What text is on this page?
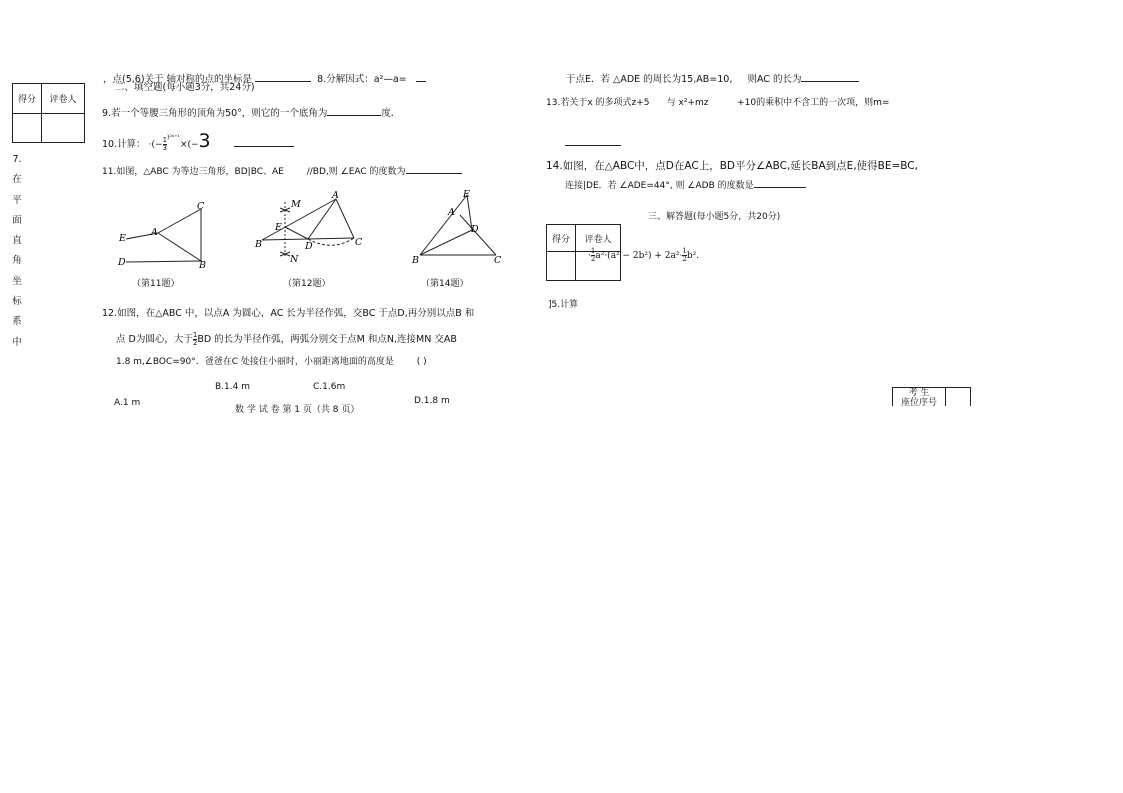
得分	评卷人

7.
在
平
面
直
角
坐
标
系
中
，点(5,6)关于 轴对称的点的坐标是	8.分解因式：a²—a=
二、填空题(每小题3分，共24分)
9.若一个等腰三角形的顶角为50°，则它的一个底角为	度.
10.计算： ·(− $\frac{1}{3} ^{)^{2n+1}}\times(-3$
11.如图，△ABC 为等边三角形，BD|BC、AE	//BD,则 ∠EAC 的度数为
C
E
A
D	B
（第11题）
M
A
E
B	D	C
N
（第12题）
E
A
D
B	C
（第14题）
12.如图，在△ABC 中，以点A 为圆心，AC 长为半径作弧，交BC 于点D,再分别以点B 和
点 D为圆心，大于 $\frac{1}{2}$ BD 的长为半径作弧，两弧分别交于点M 和点N,连接MN 交AB
1.8 m,∠BOC=90°．爸爸在C 处接住小丽时，小丽距离地面的高度是	( )
B.1.4 m	C.1.6m
A.1 m	D.1.8 m
数 学 试 卷 第 1 页（共 8 页）
于点E．若 △ADE 的周长为15,AB=10, 则AC 的长为
13.若关于x 的多项式z+5 与 x²+mz	+10的乘积中不含工的一次项，则m=
14.如图，在△ABC中，点D在AC上，BD平分∠ABC,延长BA到点E,使得BE=BC,
连接|DE．若 ∠ADE=44°, 则 ∠ADB 的度数是
三、解答题(每小题5分，共20分)
得分	评卷人

· $\frac{1}{2} a^2\cdot(a^2 - 2b^2) + 2a^2\cdot \frac{1}{2} b^2$.
]5.计算
考 生
座位序号
